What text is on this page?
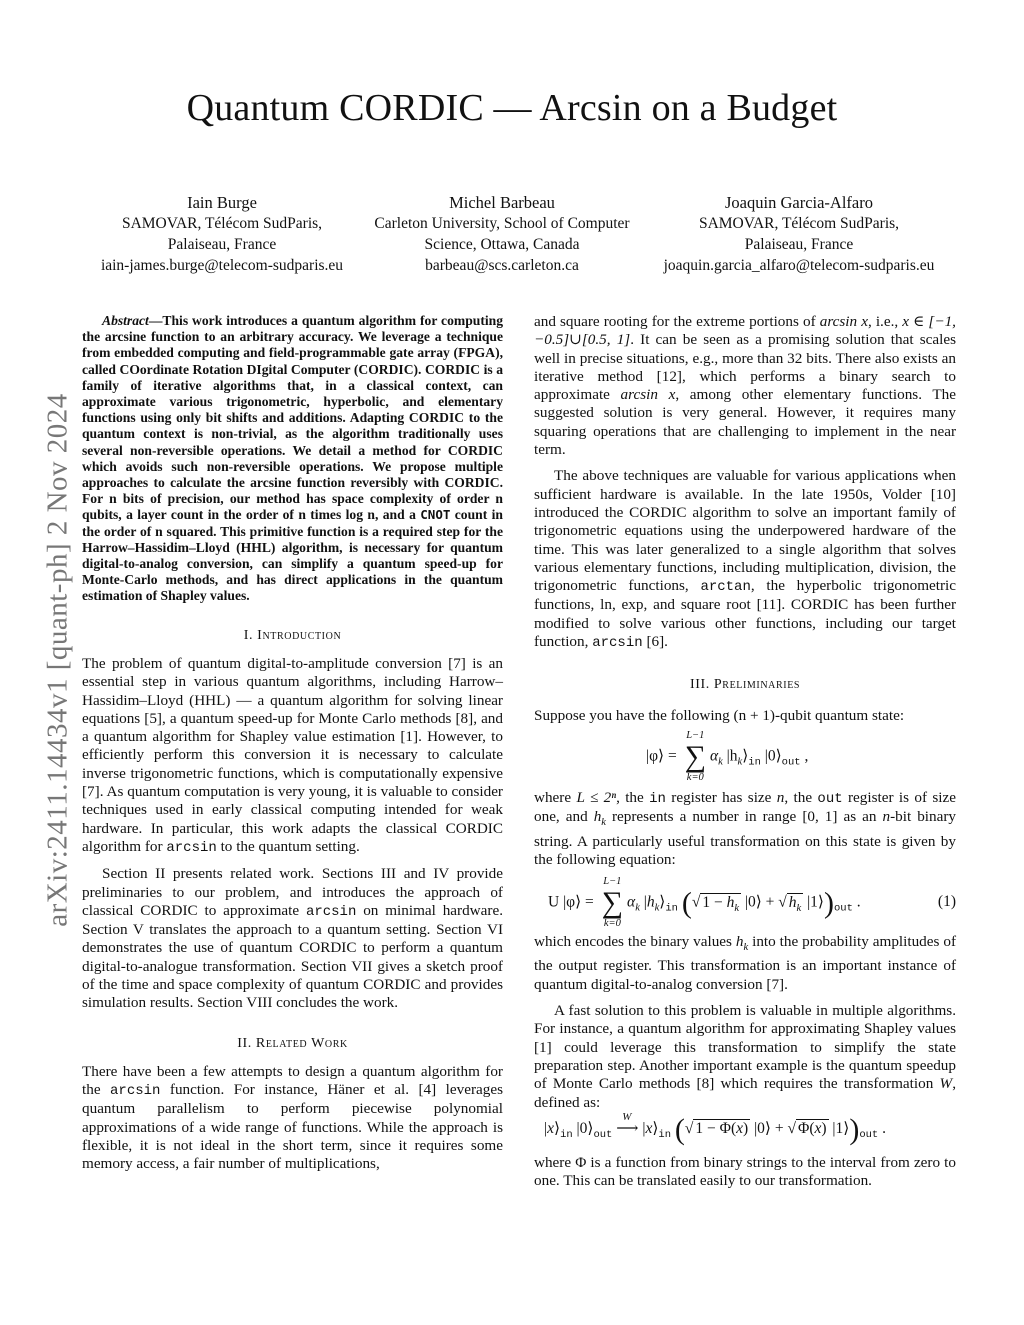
Quantum CORDIC — Arcsin on a Budget
Iain Burge
SAMOVAR, Télécom SudParis,
Palaiseau, France
iain-james.burge@telecom-sudparis.eu
Michel Barbeau
Carleton University, School of Computer
Science, Ottawa, Canada
barbeau@scs.carleton.ca
Joaquin Garcia-Alfaro
SAMOVAR, Télécom SudParis,
Palaiseau, France
joaquin.garcia_alfaro@telecom-sudparis.eu
arXiv:2411.14434v1 [quant-ph] 2 Nov 2024

Abstract—This work introduces a quantum algorithm for computing the arcsine function to an arbitrary accuracy. We leverage a technique from embedded computing and field-programmable gate array (FPGA), called COordinate Rotation DIgital Computer (CORDIC). CORDIC is a family of iterative algorithms that, in a classical context, can approximate various trigonometric, hyperbolic, and elementary functions using only bit shifts and additions. Adapting CORDIC to the quantum context is non-trivial, as the algorithm traditionally uses several non-reversible operations. We detail a method for CORDIC which avoids such non-reversible operations. We propose multiple approaches to calculate the arcsine function reversibly with CORDIC. For n bits of precision, our method has space complexity of order n qubits, a layer count in the order of n times log n, and a CNOT count in the order of n squared. This primitive function is a required step for the Harrow–Hassidim–Lloyd (HHL) algorithm, is necessary for quantum digital-to-analog conversion, can simplify a quantum speed-up for Monte-Carlo methods, and has direct applications in the quantum estimation of Shapley values.

I. Introduction

The problem of quantum digital-to-amplitude conversion [7] is an essential step in various quantum algorithms, including Harrow–Hassidim–Lloyd (HHL) — a quantum algorithm for solving linear equations [5], a quantum speed-up for Monte Carlo methods [8], and a quantum algorithm for Shapley value estimation [1]. However, to efficiently perform this conversion it is necessary to calculate inverse trigonometric functions, which is computationally expensive [7]. As quantum computation is very young, it is valuable to consider techniques used in early classical computing intended for weak hardware. In particular, this work adapts the classical CORDIC algorithm for arcsin to the quantum setting.

Section II presents related work. Sections III and IV provide preliminaries to our problem, and introduces the approach of classical CORDIC to approximate arcsin on minimal hardware. Section V translates the approach to a quantum setting. Section VI demonstrates the use of quantum CORDIC to perform a quantum digital-to-analogue transformation. Section VII gives a sketch proof of the time and space complexity of quantum CORDIC and provides simulation results. Section VIII concludes the work.

II. Related Work

There have been a few attempts to design a quantum algorithm for the arcsin function. For instance, Häner et al. [4] leverages quantum parallelism to perform piecewise polynomial approximations of a wide range of functions. While the approach is flexible, it is not ideal in the short term, since it requires some memory access, a fair number of multiplications,

and square rooting for the extreme portions of arcsin x, i.e., x ∈ [−1, −0.5]∪[0.5, 1]. It can be seen as a promising solution that scales well in precise situations, e.g., more than 32 bits. There also exists an iterative method [12], which performs a binary search to approximate arcsin x, among other elementary functions. The suggested solution is very general. However, it requires many squaring operations that are challenging to implement in the near term.

The above techniques are valuable for various applications when sufficient hardware is available. In the late 1950s, Volder [10] introduced the CORDIC algorithm to solve an important family of trigonometric equations using the underpowered hardware of the time. This was later generalized to a single algorithm that solves various elementary functions, including multiplication, division, the trigonometric functions, arctan, the hyperbolic trigonometric functions, ln, exp, and square root [11]. CORDIC has been further modified to solve various other functions, including our target function, arcsin [6].

III. Preliminaries

Suppose you have the following (n + 1)-qubit quantum state:

|φ⟩ =
L−1
∑
k=0
$\alpha_k$ $|h_k⟩_{in}$ $|0⟩_{out}$ ,

where L ≤ 2ⁿ, the in register has size n, the out register is of size one, and $h_k$ represents a number in range [0, 1] as an n-bit binary string. A particularly useful transformation on this state is given by the following equation:

U |φ⟩ =
L−1
∑
k=0
$\alpha_k$ $|h_k⟩_{in}$ (√ $1 - h_k$ |0⟩ + √ $h_k$ $|1⟩)_{out}$ .	(1)

which encodes the binary values $h_k$ into the probability amplitudes of the output register. This transformation is an important instance of quantum digital-to-analog conversion [7].

A fast solution to this problem is valuable in multiple algorithms. For instance, a quantum algorithm for approximating Shapley values [1] could leverage this transformation to simplify the state preparation step. Another important example is the quantum speedup of Monte Carlo methods [8] which requires the transformation W, defined as:

$|x⟩_{in}$ $|0⟩_{out}$
W
⟶ $|x⟩_{in}$ (√ 1 − Φ(x) |0⟩ + √ Φ(x) $|1⟩)_{out}$ .

where Φ is a function from binary strings to the interval from zero to one. This can be translated easily to our transformation.
